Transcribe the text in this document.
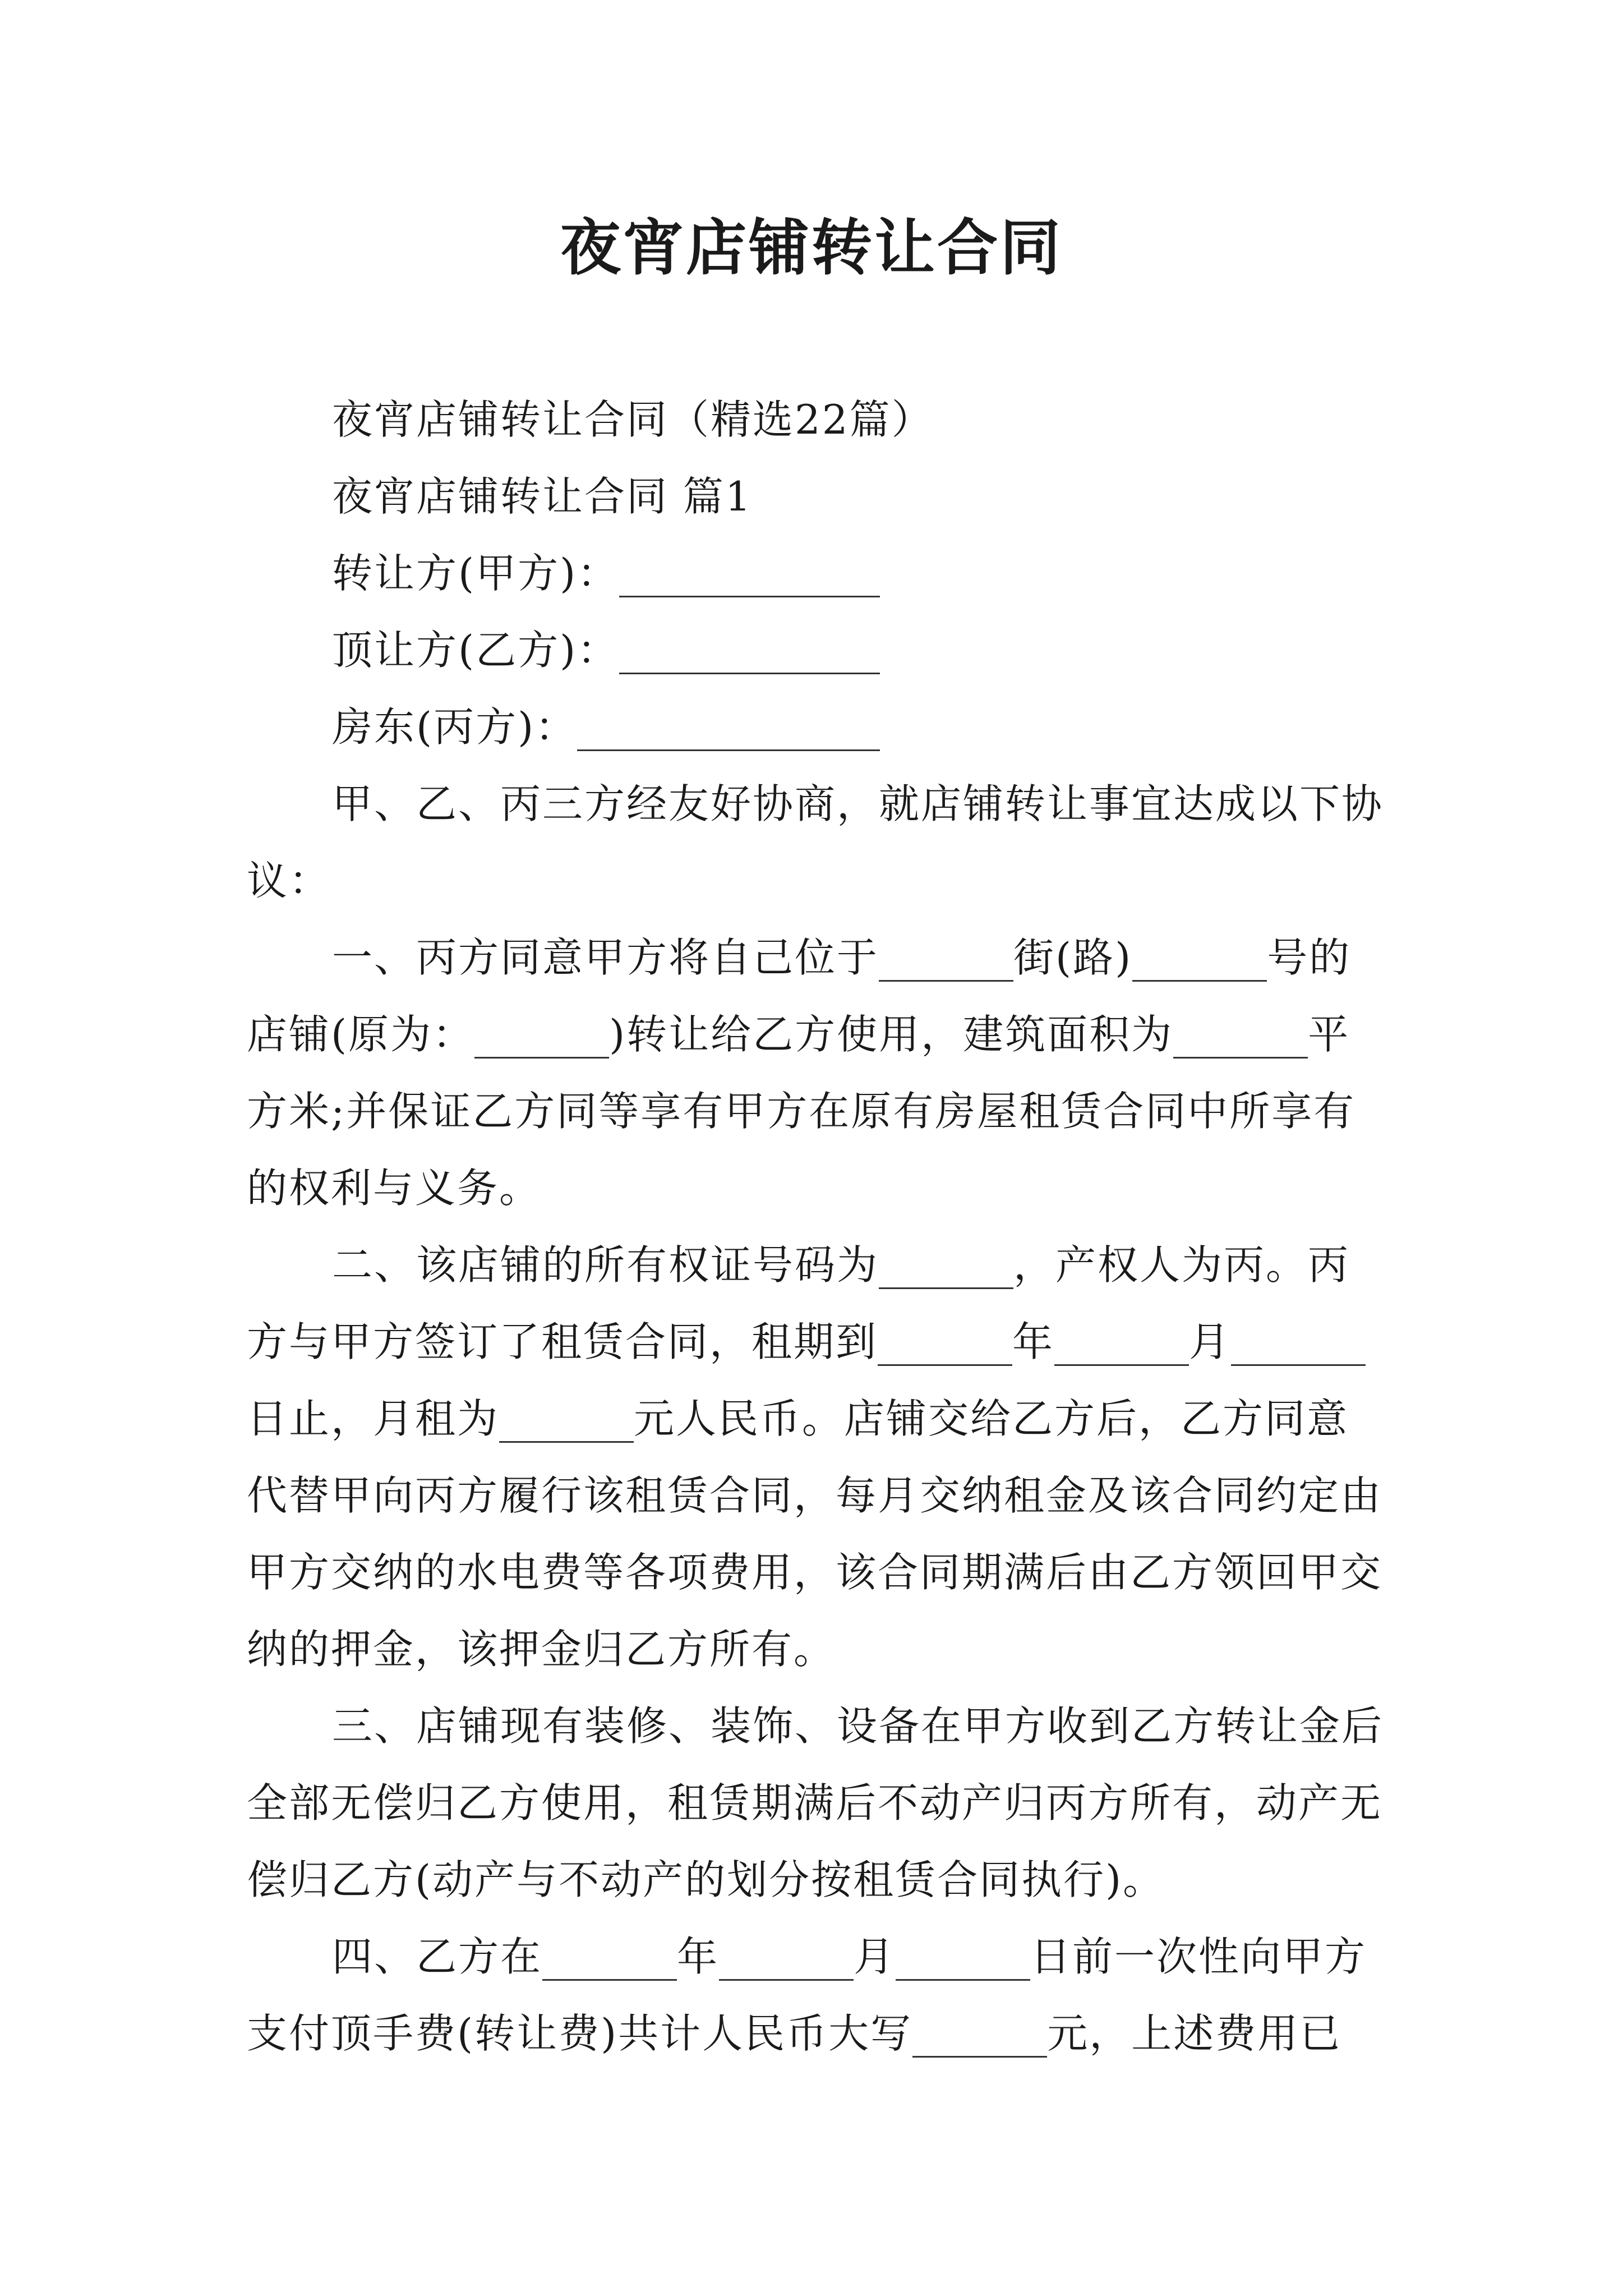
夜宵店铺转让合同

夜宵店铺转让合同（精选22篇）

夜宵店铺转让合同 篇1

转让方(甲方)：

顶让方(乙方)：

房东(丙方)：

甲、乙、丙三方经友好协商，就店铺转让事宜达成以下协议：

一、丙方同意甲方将自己位于	街(路)	号的店铺(原为：	)转让给乙方使用，建筑面积为	平方米;并保证乙方同等享有甲方在原有房屋租赁合同中所享有的权利与义务。

二、该店铺的所有权证号码为	，产权人为丙。丙方与甲方签订了租赁合同，租期到	年	月日止，月租为	元人民币。店铺交给乙方后，乙方同意代替甲向丙方履行该租赁合同，每月交纳租金及该合同约定由甲方交纳的水电费等各项费用，该合同期满后由乙方领回甲交纳的押金，该押金归乙方所有。

三、店铺现有装修、装饰、设备在甲方收到乙方转让金后全部无偿归乙方使用，租赁期满后不动产归丙方所有，动产无偿归乙方(动产与不动产的划分按租赁合同执行)。

四、乙方在	年	月	日前一次性向甲方支付顶手费(转让费)共计人民币大写	元，上述费用已
